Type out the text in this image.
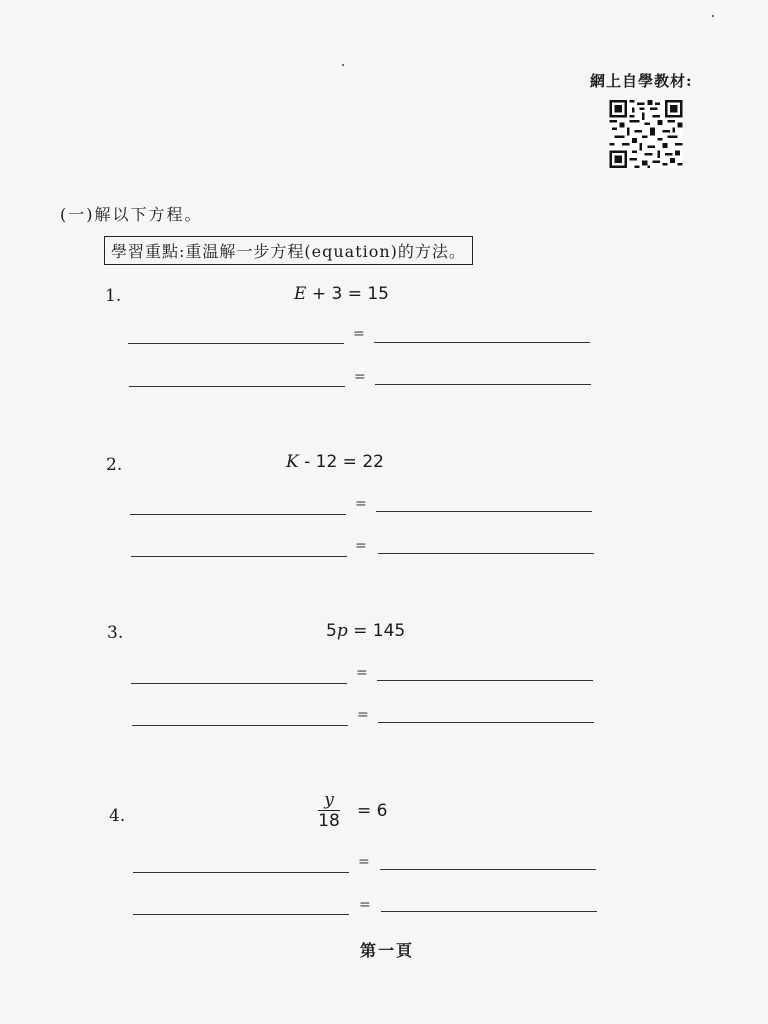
網上自學教材:
(一)解以下方程。
學習重點:重温解一步方程(equation)的方法。
1.	E + 3 = 15
=
=
2.	K - 12 = 22
=
=
3.	5p = 145
=
=
4.
y
18 = 6
=
=
第一頁
